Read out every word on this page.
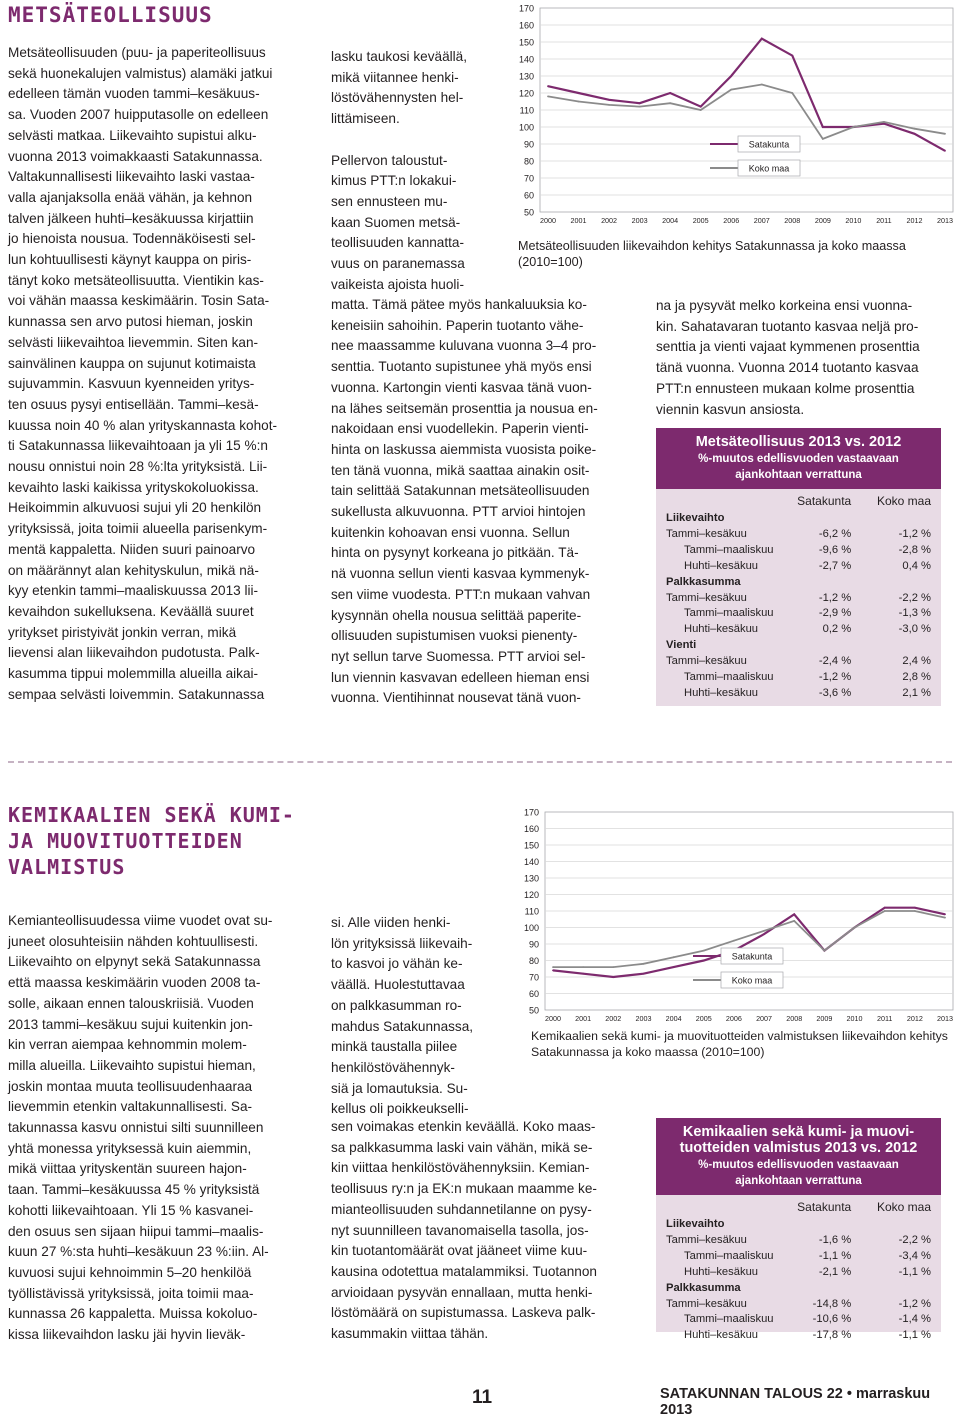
METSÄTEOLLISUUS

Metsäteollisuuden (puu- ja paperiteollisuus

sekä huonekalujen valmistus) alamäki jatkui

edelleen tämän vuoden tammi–kesäkuus-

sa. Vuoden 2007 huipputasolle on edelleen

selvästi matkaa. Liikevaihto supistui alku-

vuonna 2013 voimakkaasti Satakunnassa.

Valtakunnallisesti liikevaihto laski vastaa-

valla ajanjaksolla enää vähän, ja kehnon

talven jälkeen huhti–kesäkuussa kirjattiin

jo hienoista nousua. Todennäköisesti sel-

lun kohtuullisesti käynyt kauppa on piris-

tänyt koko metsäteollisuutta. Vientikin kas-

voi vähän maassa keskimäärin. Tosin Sata-

kunnassa sen arvo putosi hieman, joskin

selvästi liikevaihtoa lievemmin. Siten kan-

sainvälinen kauppa on sujunut kotimaista

sujuvammin. Kasvuun kyenneiden yritys-

ten osuus pysyi entisellään. Tammi–kesä-

kuussa noin 40 % alan yrityskannasta kohot-

ti Satakunnassa liikevaihtoaan ja yli 15 %:n

nousu onnistui noin 28 %:lta yrityksistä. Lii-

kevaihto laski kaikissa yrityskokoluokissa.

Heikoimmin alkuvuosi sujui yli 20 henkilön

yrityksissä, joita toimii alueella parisenkym-

mentä kappaletta. Niiden suuri painoarvo

on määrännyt alan kehityskulun, mikä nä-

kyy etenkin tammi–maaliskuussa 2013 lii-

kevaihdon sukelluksena. Keväällä suuret

yritykset piristyivät jonkin verran, mikä

lievensi alan liikevaihdon pudotusta. Palk-

kasumma tippui molemmilla alueilla aikai-

sempaa selvästi loivemmin. Satakunnassa

lasku taukosi keväällä,

mikä viitannee henki-

löstövähennysten hel-

littämiseen.

Pellervon taloustut-

kimus PTT:n lokakui-

sen ennusteen mu-

kaan Suomen metsä-

teollisuuden kannatta-

vuus on paranemassa

vaikeista ajoista huoli-

matta. Tämä pätee myös hankaluuksia ko-

keneisiin sahoihin. Paperin tuotanto vähe-

nee maassamme kuluvana vuonna 3–4 pro-

senttia. Tuotanto supistunee yhä myös ensi

vuonna. Kartongin vienti kasvaa tänä vuon-

na lähes seitsemän prosenttia ja nousua en-

nakoidaan ensi vuodellekin. Paperin vienti-

hinta on laskussa aiemmista vuosista poike-

ten tänä vuonna, mikä saattaa ainakin osit-

tain selittää Satakunnan metsäteollisuuden

sukellusta alkuvuonna. PTT arvioi hintojen

kuitenkin kohoavan ensi vuonna. Sellun

hinta on pysynyt korkeana jo pitkään. Tä-

nä vuonna sellun vienti kasvaa kymmenyk-

sen viime vuodesta. PTT:n mukaan vahvan

kysynnän ohella nousua selittää paperite-

ollisuuden supistumisen vuoksi pienenty-

nyt sellun tarve Suomessa. PTT arvioi sel-

lun viennin kasvavan edelleen hieman ensi

vuonna. Vientihinnat nousevat tänä vuon-

na ja pysyvät melko korkeina ensi vuonna-

kin. Sahatavaran tuotanto kasvaa neljä pro-

senttia ja vienti vajaat kymmenen prosenttia

tänä vuonna. Vuonna 2014 tuotanto kasvaa

PTT:n ennusteen mukaan kolme prosenttia

viennin kasvun ansiosta.

50
60
70
80
90
100
110
120
130
140
150
160
170
2000 2001 2002 2003 2004 2005 2006 2007 2008 2009 2010 2011 2012 2013
Satakunta
Koko maa
Metsäteollisuuden liikevaihdon kehitys Satakunnassa ja koko maassa (2010=100)
Metsäteollisuus 2013 vs. 2012
%-muutos edellisvuoden vastaavaan
ajankohtaan verrattuna
	Satakunta	Koko maa
Liikevaihto		
Tammi–kesäkuu	-6,2 %	-1,2 %
Tammi–maaliskuu	-9,6 %	-2,8 %
Huhti–kesäkuu	-2,7 %	0,4 %
Palkkasumma		
Tammi–kesäkuu	-1,2 %	-2,2 %
Tammi–maaliskuu	-2,9 %	-1,3 %
Huhti–kesäkuu	0,2 %	-3,0 %
Vienti		
Tammi–kesäkuu	-2,4 %	2,4 %
Tammi–maaliskuu	-1,2 %	2,8 %
Huhti–kesäkuu	-3,6 %	2,1 %
KEMIKAALIEN SEKÄ KUMI-
JA MUOVITUOTTEIDEN
VALMISTUS

Kemianteollisuudessa viime vuodet ovat su-

juneet olosuhteisiin nähden kohtuullisesti.

Liikevaihto on elpynyt sekä Satakunnassa

että maassa keskimäärin vuoden 2008 ta-

solle, aikaan ennen talouskriisiä. Vuoden

2013 tammi–kesäkuu sujui kuitenkin jon-

kin verran aiempaa kehnommin molem-

milla alueilla. Liikevaihto supistui hieman,

joskin montaa muuta teollisuudenhaaraa

lievemmin etenkin valtakunnallisesti. Sa-

takunnassa kasvu onnistui silti suunnilleen

yhtä monessa yrityksessä kuin aiemmin,

mikä viittaa yrityskentän suureen hajon-

taan. Tammi–kesäkuussa 45 % yrityksistä

kohotti liikevaihtoaan. Yli 15 % kasvanei-

den osuus sen sijaan hiipui tammi–maalis-

kuun 27 %:sta huhti–kesäkuun 23 %:iin. Al-

kuvuosi sujui kehnoimmin 5–20 henkilöä

työllistävissä yrityksissä, joita toimii maa-

kunnassa 26 kappaletta. Muissa kokoluo-

kissa liikevaihdon lasku jäi hyvin lieväk-

si. Alle viiden henki-

lön yrityksissä liikevaih-

to kasvoi jo vähän ke-

väällä. Huolestuttavaa

on palkkasumman ro-

mahdus Satakunnassa,

minkä taustalla piilee

henkilöstövähennyk-

siä ja lomautuksia. Su-

kellus oli poikkeukselli-

sen voimakas etenkin keväällä. Koko maas-

sa palkkasumma laski vain vähän, mikä se-

kin viittaa henkilöstövähennyksiin. Kemian-

teollisuus ry:n ja EK:n mukaan maamme ke-

mianteollisuuden suhdannetilanne on pysy-

nyt suunnilleen tavanomaisella tasolla, jos-

kin tuotantomäärät ovat jääneet viime kuu-

kausina odotettua matalammiksi. Tuotannon

arvioidaan pysyvän ennallaan, mutta henki-

löstömäärä on supistumassa. Laskeva palk-

kasummakin viittaa tähän.

50
60
70
80
90
100
110
120
130
140
150
160
170
2000 2001 2002 2003 2004 2005 2006 2007 2008 2009 2010 2011 2012 2013
Satakunta
Koko maa
Kemikaalien sekä kumi- ja muovituotteiden valmistuksen liikevaihdon kehitys
Satakunnassa ja koko maassa (2010=100)
Kemikaalien sekä kumi- ja muovi-
tuotteiden valmistus 2013 vs. 2012
%-muutos edellisvuoden vastaavaan
ajankohtaan verrattuna
	Satakunta	Koko maa
Liikevaihto		
Tammi–kesäkuu	-1,6 %	-2,2 %
Tammi–maaliskuu	-1,1 %	-3,4 %
Huhti–kesäkuu	-2,1 %	-1,1 %
Palkkasumma		
Tammi–kesäkuu	-14,8 %	-1,2 %
Tammi–maaliskuu	-10,6 %	-1,4 %
Huhti–kesäkuu	-17,8 %	-1,1 %
11	SATAKUNNAN TALOUS 22 • marraskuu 2013
